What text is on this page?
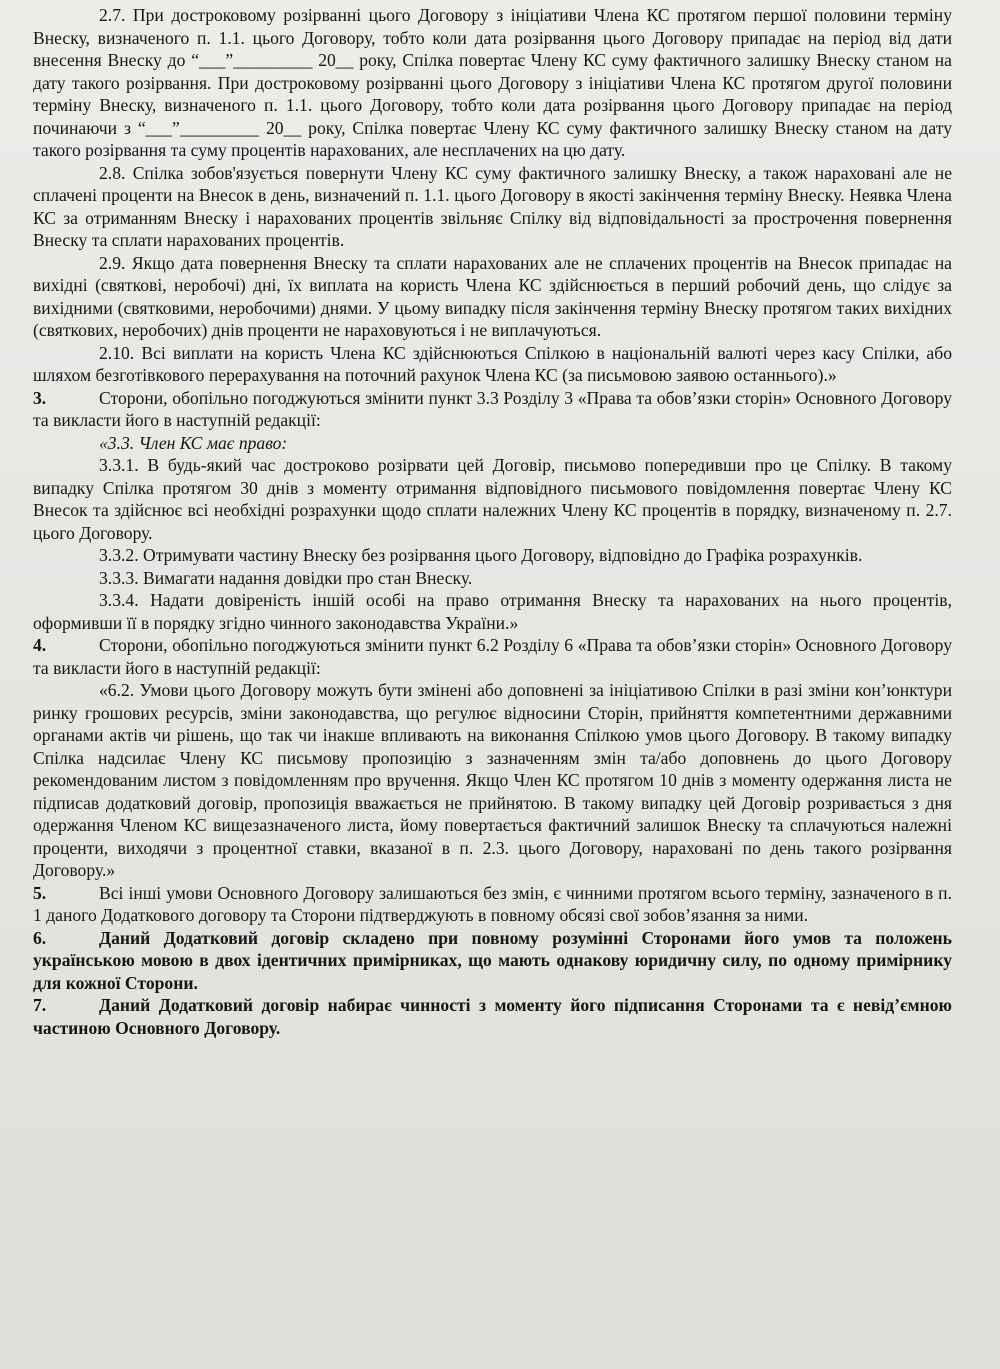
2.7. При достроковому розірванні цього Договору з ініціативи Члена КС протягом першої половини терміну Внеску, визначеного п. 1.1. цього Договору, тобто коли дата розірвання цього Договору припадає на період від дати внесення Внеску до “___”_________ 20__ року, Спілка повертає Члену КС суму фактичного залишку Внеску станом на дату такого розірвання. При достроковому розірванні цього Договору з ініціативи Члена КС протягом другої половини терміну Внеску, визначеного п. 1.1. цього Договору, тобто коли дата розірвання цього Договору припадає на період починаючи з “___”_________ 20__ року, Спілка повертає Члену КС суму фактичного залишку Внеску станом на дату такого розірвання та суму процентів нарахованих, але несплачених на цю дату.

2.8. Спілка зобов'язується повернути Члену КС суму фактичного залишку Внеску, а також нараховані але не сплачені проценти на Внесок в день, визначений п. 1.1. цього Договору в якості закінчення терміну Внеску. Неявка Члена КС за отриманням Внеску і нарахованих процентів звільняє Спілку від відповідальності за прострочення повернення Внеску та сплати нарахованих процентів.

2.9. Якщо дата повернення Внеску та сплати нарахованих але не сплачених процентів на Внесок припадає на вихідні (святкові, неробочі) дні, їх виплата на користь Члена КС здійснюється в перший робочий день, що слідує за вихідними (святковими, неробочими) днями. У цьому випадку після закінчення терміну Внеску протягом таких вихідних (святкових, неробочих) днів проценти не нараховуються і не виплачуються.

2.10. Всі виплати на користь Члена КС здійснюються Спілкою в національній валюті через касу Спілки, або шляхом безготівкового перерахування на поточний рахунок Члена КС (за письмовою заявою останнього).»

3.	Сторони, обопільно погоджуються змінити пункт 3.3 Розділу 3 «Права та обов’язки сторін» Основного Договору та викласти його в наступній редакції:

«3.3. Член КС має право:

3.3.1. В будь-який час достроково розірвати цей Договір, письмово попередивши про це Спілку. В такому випадку Спілка протягом 30 днів з моменту отримання відповідного письмового повідомлення повертає Члену КС Внесок та здійснює всі необхідні розрахунки щодо сплати належних Члену КС процентів в порядку, визначеному п. 2.7. цього Договору.

3.3.2. Отримувати частину Внеску без розірвання цього Договору, відповідно до Графіка розрахунків.

3.3.3. Вимагати надання довідки про стан Внеску.

3.3.4. Надати довіреність іншій особі на право отримання Внеску та нарахованих на нього процентів, оформивши її в порядку згідно чинного законодавства України.»

4.	Сторони, обопільно погоджуються змінити пункт 6.2 Розділу 6 «Права та обов’язки сторін» Основного Договору та викласти його в наступній редакції:

«6.2. Умови цього Договору можуть бути змінені або доповнені за ініціативою Спілки в разі зміни кон’юнктури ринку грошових ресурсів, зміни законодавства, що регулює відносини Сторін, прийняття компетентними державними органами актів чи рішень, що так чи інакше впливають на виконання Спілкою умов цього Договору. В такому випадку Спілка надсилає Члену КС письмову пропозицію з зазначенням змін та/або доповнень до цього Договору рекомендованим листом з повідомленням про вручення. Якщо Член КС протягом 10 днів з моменту одержання листа не підписав додатковий договір, пропозиція вважається не прийнятою. В такому випадку цей Договір розривається з дня одержання Членом КС вищезазначеного листа, йому повертається фактичний залишок Внеску та сплачуються належні проценти, виходячи з процентної ставки, вказаної в п. 2.3. цього Договору, нараховані по день такого розірвання Договору.»

5.	Всі інші умови Основного Договору залишаються без змін, є чинними протягом всього терміну, зазначеного в п. 1 даного Додаткового договору та Сторони підтверджують в повному обсязі свої зобов’язання за ними.

6.	Даний Додатковий договір складено при повному розумінні Сторонами його умов та положень українською мовою в двох ідентичних примірниках, що мають однакову юридичну силу, по одному примірнику для кожної Сторони.

7.	Даний Додатковий договір набирає чинності з моменту його підписання Сторонами та є невід’ємною частиною Основного Договору.
